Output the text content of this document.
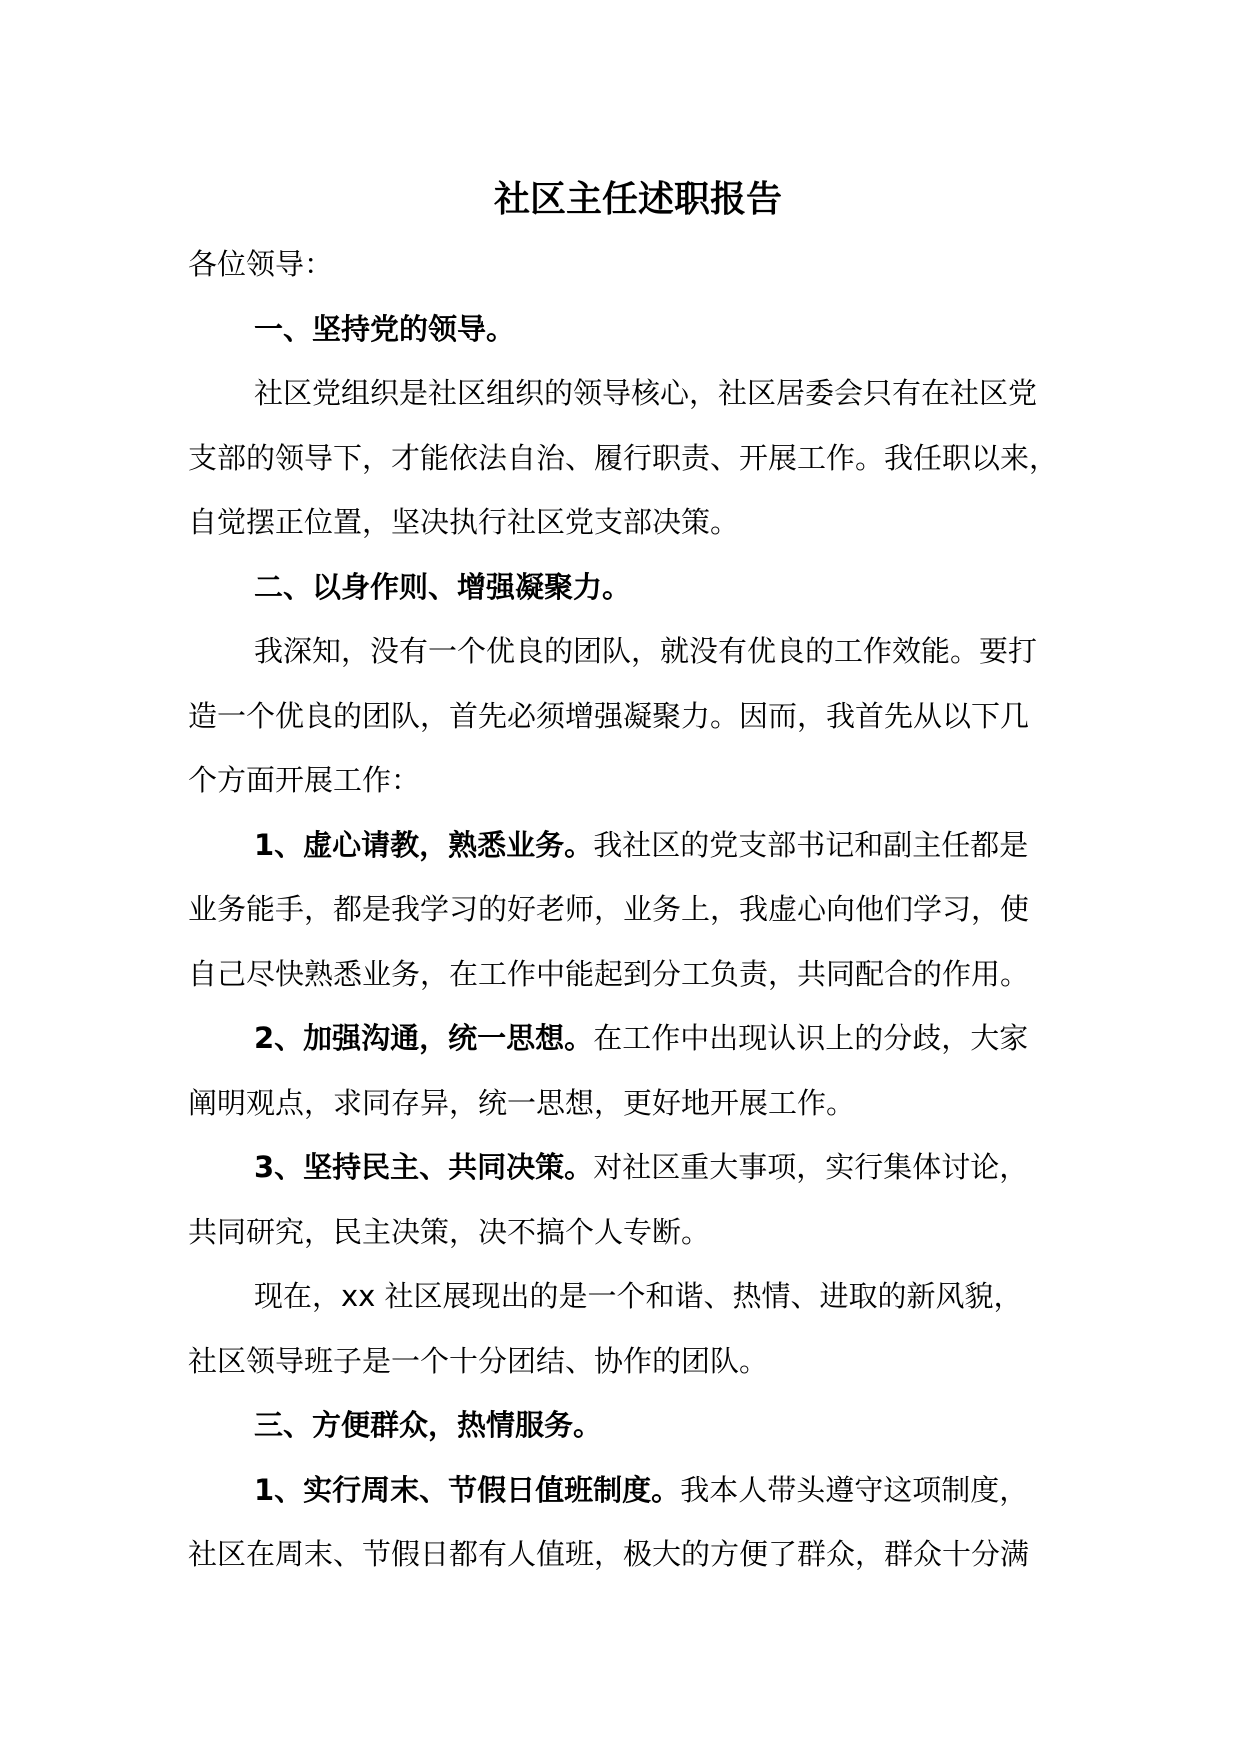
社区主任述职报告

各位领导：

一、坚持党的领导。

社区党组织是社区组织的领导核心，社区居委会只有在社区党

支部的领导下，才能依法自治、履行职责、开展工作。我任职以来，

自觉摆正位置，坚决执行社区党支部决策。

二、以身作则、增强凝聚力。

我深知，没有一个优良的团队，就没有优良的工作效能。要打

造一个优良的团队，首先必须增强凝聚力。因而，我首先从以下几

个方面开展工作：

1、虚心请教，熟悉业务。我社区的党支部书记和副主任都是

业务能手，都是我学习的好老师，业务上，我虚心向他们学习，使

自己尽快熟悉业务，在工作中能起到分工负责，共同配合的作用。

2、加强沟通，统一思想。在工作中出现认识上的分歧，大家

阐明观点，求同存异，统一思想，更好地开展工作。

3、坚持民主、共同决策。对社区重大事项，实行集体讨论，

共同研究，民主决策，决不搞个人专断。

现在，xx 社区展现出的是一个和谐、热情、进取的新风貌，

社区领导班子是一个十分团结、协作的团队。

三、方便群众，热情服务。

1、实行周末、节假日值班制度。我本人带头遵守这项制度，

社区在周末、节假日都有人值班，极大的方便了群众，群众十分满
